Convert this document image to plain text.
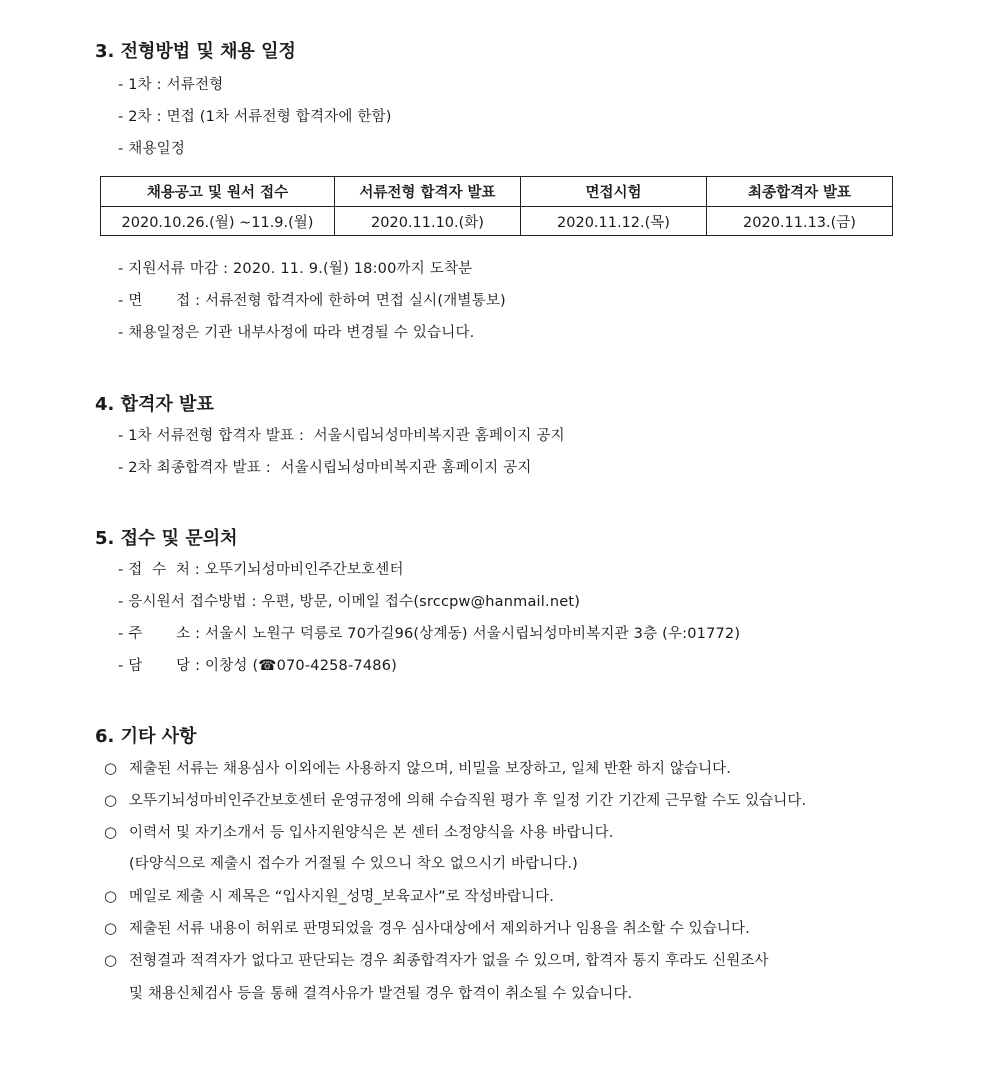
3. 전형방법 및 채용 일정
- 1차 : 서류전형
- 2차 : 면접 (1차 서류전형 합격자에 한함)
- 채용일정
채용공고 및 원서 접수	서류전형 합격자 발표	면접시험	최종합격자 발표
2020.10.26.(월) ~11.9.(월)	2020.11.10.(화)	2020.11.12.(목)	2020.11.13.(금)
- 지원서류 마감 : 2020. 11. 9.(월) 18:00까지 도착분
- 면       접 : 서류전형 합격자에 한하여 면접 실시(개별통보)
- 채용일정은 기관 내부사정에 따라 변경될 수 있습니다.
4. 합격자 발표
- 1차 서류전형 합격자 발표 :  서울시립뇌성마비복지관 홈페이지 공지
- 2차 최종합격자 발표 :  서울시립뇌성마비복지관 홈페이지 공지
5. 접수 및 문의처
- 접  수  처 : 오뚜기뇌성마비인주간보호센터
- 응시원서 접수방법 : 우편, 방문, 이메일 접수(srccpw@hanmail.net)
- 주       소 : 서울시 노원구 덕릉로 70가길96(상계동) 서울시립뇌성마비복지관 3층 (우:01772)
- 담       당 : 이창성 (☎070-4258-7486)
6. 기타 사항
○ 제출된 서류는 채용심사 이외에는 사용하지 않으며, 비밀을 보장하고, 일체 반환 하지 않습니다.
○ 오뚜기뇌성마비인주간보호센터 운영규정에 의해 수습직원 평가 후 일정 기간 기간제 근무할 수도 있습니다.
○ 이력서 및 자기소개서 등 입사지원양식은 본 센터 소정양식을 사용 바랍니다.
(타양식으로 제출시 접수가 거절될 수 있으니 착오 없으시기 바랍니다.)
○ 메일로 제출 시 제목은 “입사지원_성명_보육교사”로 작성바랍니다.
○ 제출된 서류 내용이 허위로 판명되었을 경우 심사대상에서 제외하거나 임용을 취소할 수 있습니다.
○ 전형결과 적격자가 없다고 판단되는 경우 최종합격자가 없을 수 있으며, 합격자 통지 후라도 신원조사
및 채용신체검사 등을 통해 결격사유가 발견될 경우 합격이 취소될 수 있습니다.
